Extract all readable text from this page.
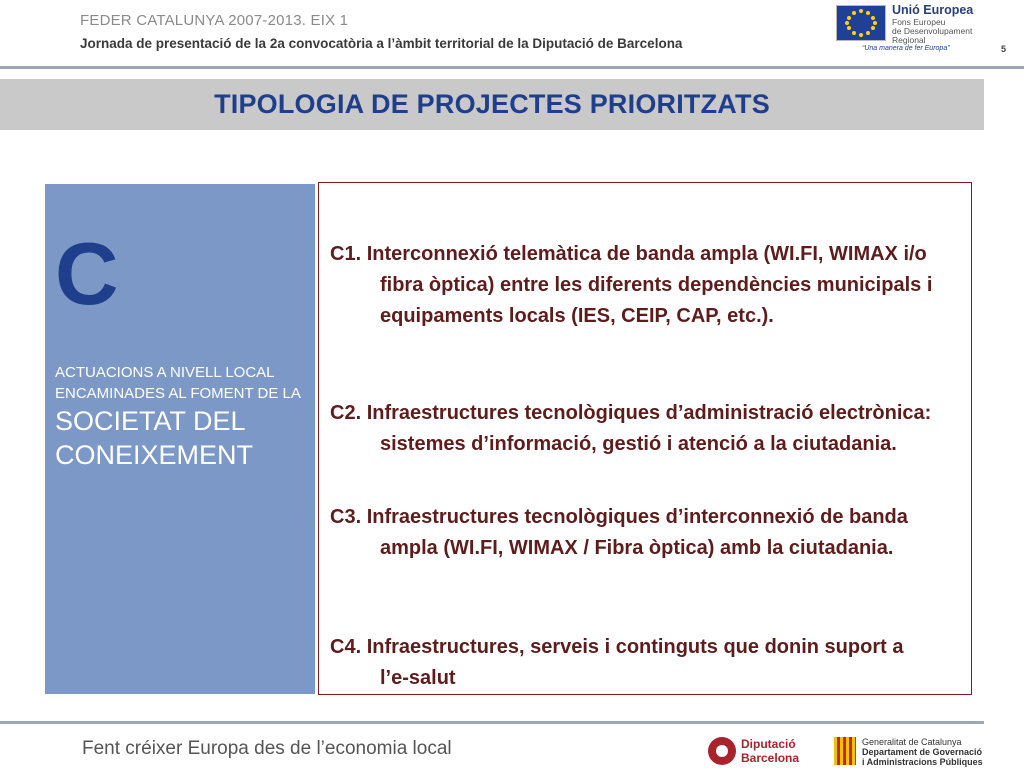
FEDER CATALUNYA 2007-2013. EIX 1
Jornada de presentació de la 2a convocatòria a l’àmbit territorial de la Diputació de Barcelona
Unió Europea
Fons Europeu
de Desenvolupament
Regional
“Una manera de fer Europa”	5
TIPOLOGIA DE PROJECTES PRIORITZATS
C
ACTUACIONS A NIVELL LOCAL ENCAMINADES AL FOMENT DE LA SOCIETAT DEL CONEIXEMENT
C1. Interconnexió telemàtica de banda ampla (WI.FI, WIMAX i/o
fibra òptica) entre les diferents dependències municipals i equipaments locals (IES, CEIP, CAP, etc.).
C2. Infraestructures tecnològiques d’administració electrònica:
sistemes d’informació, gestió i atenció a la ciutadania.
C3. Infraestructures tecnològiques d’interconnexió de banda
ampla (WI.FI, WIMAX / Fibra òptica) amb la ciutadania.
C4. Infraestructures, serveis i continguts que donin suport a
l’e-salut
Fent créixer Europa des de l’economia local	Diputació
Barcelona
Generalitat de Catalunya
Departament de Governació
i Administracions Públiques
